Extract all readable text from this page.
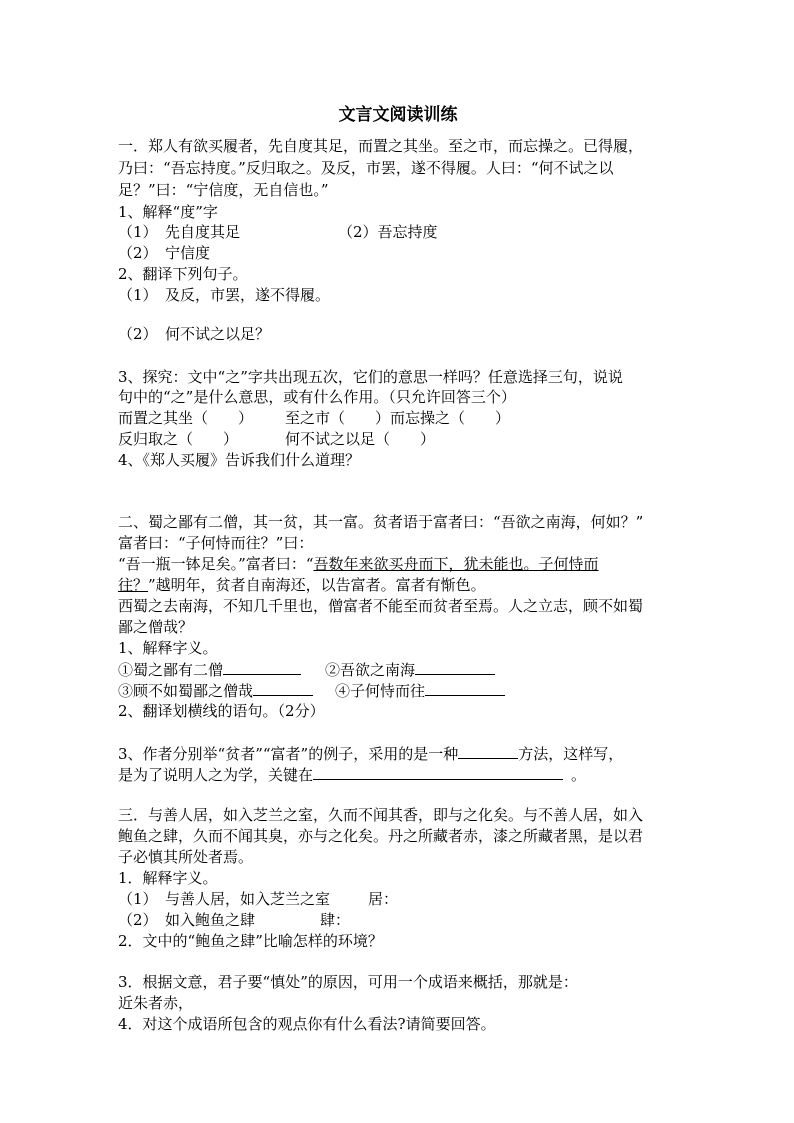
文言文阅读训练
一．郑人有欲买履者，先自度其足，而置之其坐。至之市，而忘操之。已得履，
乃曰：“吾忘持度。”反归取之。及反，市罢，遂不得履。人曰：“何不试之以
足？”曰：“宁信度，无自信也。”
1、解释“度”字
（1）　先自度其足	（2）吾忘持度
（2）　宁信度
2、翻译下列句子。
（1）　及反，市罢，遂不得履。
（2）　何不试之以足？
3、探究：文中“之”字共出现五次，它们的意思一样吗？任意选择三句，说说
句中的“之”是什么意思，或有什么作用。（只允许回答三个）
而置之其坐（　　） 至之市（　　）而忘操之（　　）
反归取之（　　）	何不试之以足（　　）
4、《郑人买履》告诉我们什么道理？
二、蜀之鄙有二僧，其一贫，其一富。贫者语于富者曰：“吾欲之南海，何如？”
富者曰：“子何恃而往？”曰：
“吾一瓶一钵足矣。”富者曰：“吾数年来欲买舟而下，犹未能也。子何恃而
往？”越明年，贫者自南海还，以告富者。富者有惭色。
西蜀之去南海，不知几千里也，僧富者不能至而贫者至焉。人之立志，顾不如蜀
鄙之僧哉？
1、解释字义。
①蜀之鄙有二僧	②吾欲之南海
③顾不如蜀鄙之僧哉	④子何恃而往
2、翻译划横线的语句。（2分）
3、作者分别举“贫者”“富者”的例子，采用的是一种	方法，这样写，
是为了说明人之为学，关键在	。
三．与善人居，如入芝兰之室，久而不闻其香，即与之化矣。与不善人居，如入
鲍鱼之肆，久而不闻其臭，亦与之化矣。丹之所藏者赤，漆之所藏者黑，是以君
子必慎其所处者焉。
1．解释字义。
（1）　与善人居，如入芝兰之室	居：
（2）　如入鲍鱼之肆	肆：
2．文中的“鲍鱼之肆”比喻怎样的环境？
3．根据文意，君子要“慎处”的原因，可用一个成语来概括，那就是：
近朱者赤，
4．对这个成语所包含的观点你有什么看法?请简要回答。
